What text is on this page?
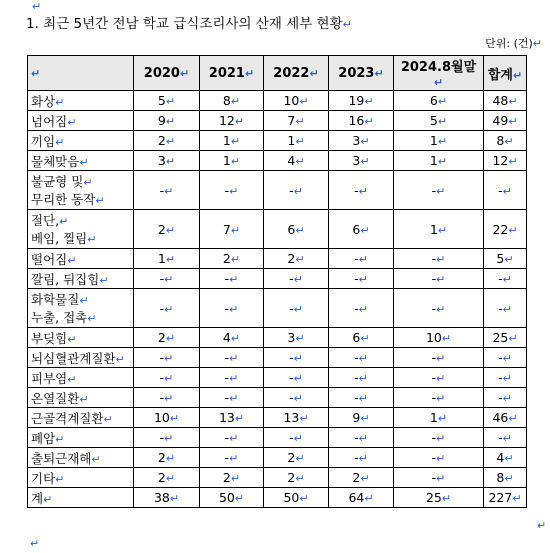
↵
1. 최근 5년간 전남 학교 급식조리사의 산재 세부 현황↵
단위: (건)↵
↵	2020↵	2021↵	2022↵	2023↵	2024.8월말↵	합계↵
화상↵	5↵	8↵	10↵	19↵	6↵	48↵
넘어짐↵	9↵	12↵	7↵	16↵	5↵	49↵
끼임↵	2↵	1↵	1↵	3↵	1↵	8↵
물체맞음↵	3↵	1↵	4↵	3↵	1↵	12↵
불균형 및↵
무리한 동작↵	-↵	-↵	-↵	-↵	-↵	-↵
절단,↵
베임, 찔림↵	2↵	7↵	6↵	6↵	1↵	22↵
떨어짐↵	1↵	2↵	2↵	-↵	-↵	5↵
깔림, 뒤집힘↵	-↵	-↵	-↵	-↵	-↵	-↵
화학물질↵
누출, 접촉↵	-↵	-↵	-↵	-↵	-↵	-↵
부딪힘↵	2↵	4↵	3↵	6↵	10↵	25↵
뇌심혈관계질환↵	-↵	-↵	-↵	-↵	-↵	-↵
피부염↵	-↵	-↵	-↵	-↵	-↵	-↵
온열질환↵	-↵	-↵	-↵	-↵	-↵	-↵
근골격계질환↵	10↵	13↵	13↵	9↵	1↵	46↵
폐암↵	-↵	-↵	-↵	-↵	-↵	-↵
출퇴근재해↵	2↵	-↵	2↵	-↵	-↵	4↵
기타↵	2↵	2↵	2↵	2↵	-↵	8↵
계↵	38↵	50↵	50↵	64↵	25↵	227↵
↵
↵
